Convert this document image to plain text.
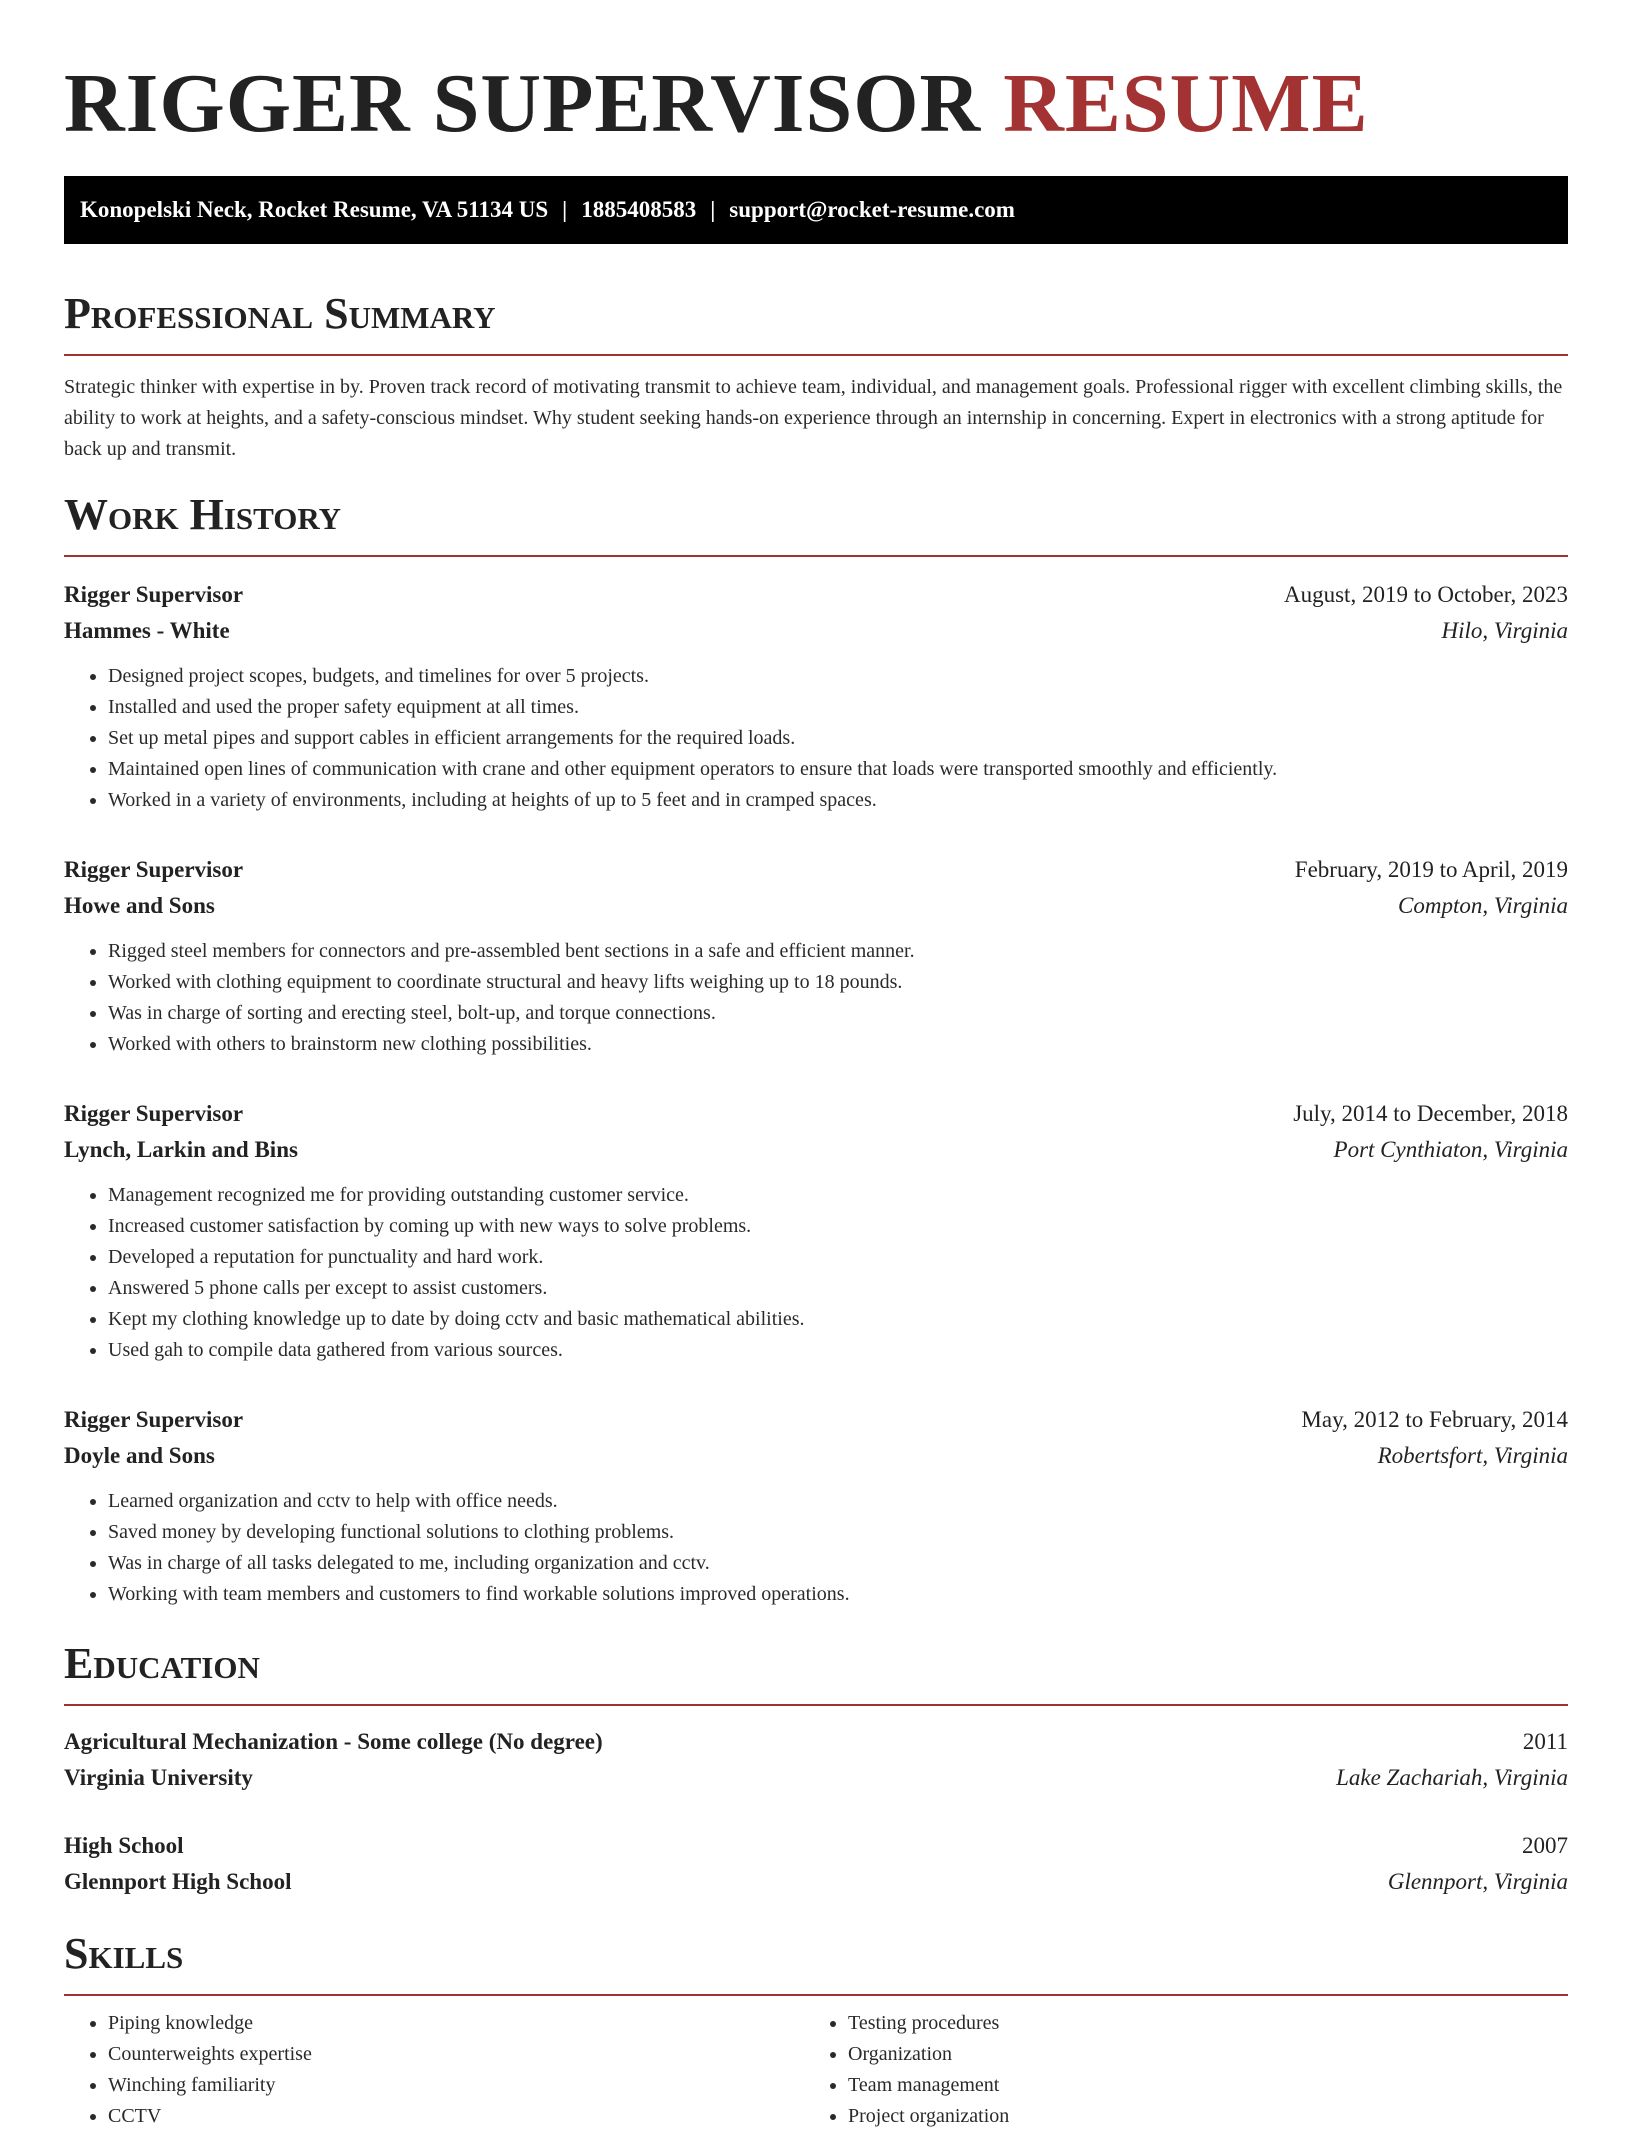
RIGGER SUPERVISOR RESUME
Konopelski Neck, Rocket Resume, VA 51134 US | 1885408583 | support@rocket-resume.com
Professional Summary

Strategic thinker with expertise in by. Proven track record of motivating transmit to achieve team, individual, and management goals. Professional rigger with excellent climbing skills, the ability to work at heights, and a safety-conscious mindset. Why student seeking hands-on experience through an internship in concerning. Expert in electronics with a strong aptitude for back up and transmit.

Work History
Rigger Supervisor	August, 2019 to October, 2023
Hammes - White	Hilo, Virginia
• Designed project scopes, budgets, and timelines for over 5 projects.
• Installed and used the proper safety equipment at all times.
• Set up metal pipes and support cables in efficient arrangements for the required loads.
• Maintained open lines of communication with crane and other equipment operators to ensure that loads were transported smoothly and efficiently.
• Worked in a variety of environments, including at heights of up to 5 feet and in cramped spaces.
Rigger Supervisor	February, 2019 to April, 2019
Howe and Sons	Compton, Virginia
• Rigged steel members for connectors and pre-assembled bent sections in a safe and efficient manner.
• Worked with clothing equipment to coordinate structural and heavy lifts weighing up to 18 pounds.
• Was in charge of sorting and erecting steel, bolt-up, and torque connections.
• Worked with others to brainstorm new clothing possibilities.
Rigger Supervisor	July, 2014 to December, 2018
Lynch, Larkin and Bins	Port Cynthiaton, Virginia
• Management recognized me for providing outstanding customer service.
• Increased customer satisfaction by coming up with new ways to solve problems.
• Developed a reputation for punctuality and hard work.
• Answered 5 phone calls per except to assist customers.
• Kept my clothing knowledge up to date by doing cctv and basic mathematical abilities.
• Used gah to compile data gathered from various sources.
Rigger Supervisor	May, 2012 to February, 2014
Doyle and Sons	Robertsfort, Virginia
• Learned organization and cctv to help with office needs.
• Saved money by developing functional solutions to clothing problems.
• Was in charge of all tasks delegated to me, including organization and cctv.
• Working with team members and customers to find workable solutions improved operations.
Education
Agricultural Mechanization - Some college (No degree)	2011
Virginia University	Lake Zachariah, Virginia
High School	2007
Glennport High School	Glennport, Virginia
Skills
• Piping knowledge
• Counterweights expertise
• Winching familiarity
• CCTV
• Testing procedures
• Organization
• Team management
• Project organization
